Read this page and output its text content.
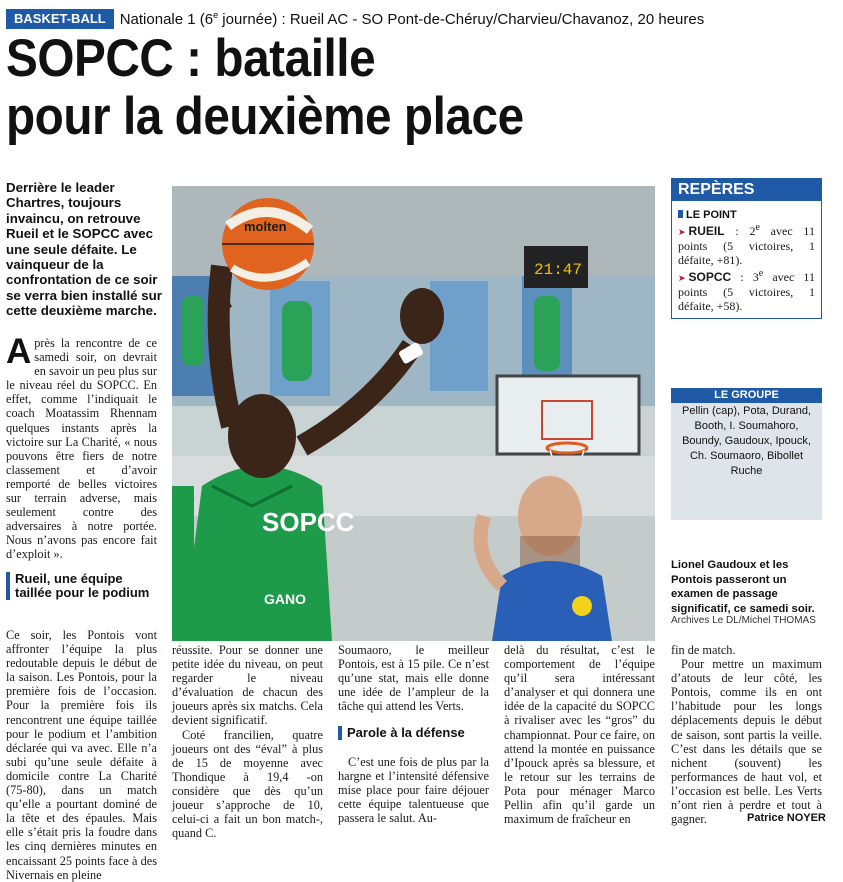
BASKET-BALL Nationale 1 (6e journée) : Rueil AC - SO Pont-de-Chéruy/Charvieu/Chavanoz, 20 heures
SOPCC : bataille
pour la deuxième place
Derrière le leader Chartres, toujours invaincu, on retrouve Rueil et le SOPCC avec une seule défaite. Le vainqueur de la confrontation de ce soir se verra bien installé sur cette deuxième marche.
Après la rencontre de ce samedi soir, on devrait en savoir un peu plus sur le niveau réel du SOPCC. En effet, comme l’indiquait le coach Moatassim Rhennam quelques instants après la victoire sur La Charité, « nous pouvons être fiers de notre classement et d’avoir remporté de belles victoires sur terrain adverse, mais seulement contre des adversaires à notre portée. Nous n’avons pas encore fait d’exploit ».
Rueil, une équipe taillée pour le podium
Ce soir, les Pontois vont affronter l’équipe la plus redoutable depuis le début de la saison. Les Pontois, pour la première fois de l’occasion. Pour la première fois ils rencontrent une équipe taillée pour le podium et l’ambition déclarée qui va avec. Elle n’a subi qu’une seule défaite à domicile contre La Charité (75-80), dans un match qu’elle a pourtant dominé de la tête et des épaules. Mais elle s’était pris la foudre dans les cinq dernières minutes en encaissant 25 points face à des Nivernais en pleine
réussite. Pour se donner une petite idée du niveau, on peut regarder le niveau d’évaluation de chacun des joueurs après six matchs. Cela devient significatif.
Coté francilien, quatre joueurs ont des “éval” à plus de 15 de moyenne avec Thondique à 19,4 -on considère que dès qu’un joueur s’approche de 10, celui-ci a fait un bon match-, quand C.
Soumaoro, le meilleur Pontois, est à 15 pile. Ce n’est qu’une stat, mais elle donne une idée de l’ampleur de la tâche qui attend les Verts.
Parole à la défense
C’est une fois de plus par la hargne et l’intensité défensive mise place pour faire déjouer cette équipe talentueuse que passera le salut. Au-
delà du résultat, c’est le comportement de l’équipe qu’il sera intéressant d’analyser et qui donnera une idée de la capacité du SOPCC à rivaliser avec les “gros” du championnat. Pour ce faire, on attend la montée en puissance d’Ipouck après sa blessure, et le retour sur les terrains de Pota pour ménager Marco Pellin afin qu’il garde un maximum de fraîcheur en
fin de match.
Pour mettre un maximum d’atouts de leur côté, les Pontois, comme ils en ont l’habitude pour les longs déplacements depuis le début de saison, sont partis la veille. C’est dans les détails que se nichent (souvent) les performances de haut vol, et l’occasion est belle. Les Verts n’ont rien à perdre et tout à gagner.	Patrice NOYER
21:47
SOPCC
GANO
molten
REPÈRES
LE POINT
➤ RUEIL : 2e avec 11 points (5 victoires, 1 défaite, +81).
➤ SOPCC : 3e avec 11 points (5 victoires, 1 défaite, +58).
LE GROUPE
Pellin (cap), Pota, Durand, Booth, I. Soumahoro, Boundy, Gaudoux, Ipouck, Ch. Soumaoro, Bibollet Ruche
Lionel Gaudoux et les Pontois passeront un examen de passage significatif, ce samedi soir.
Archives Le DL/Michel THOMAS
